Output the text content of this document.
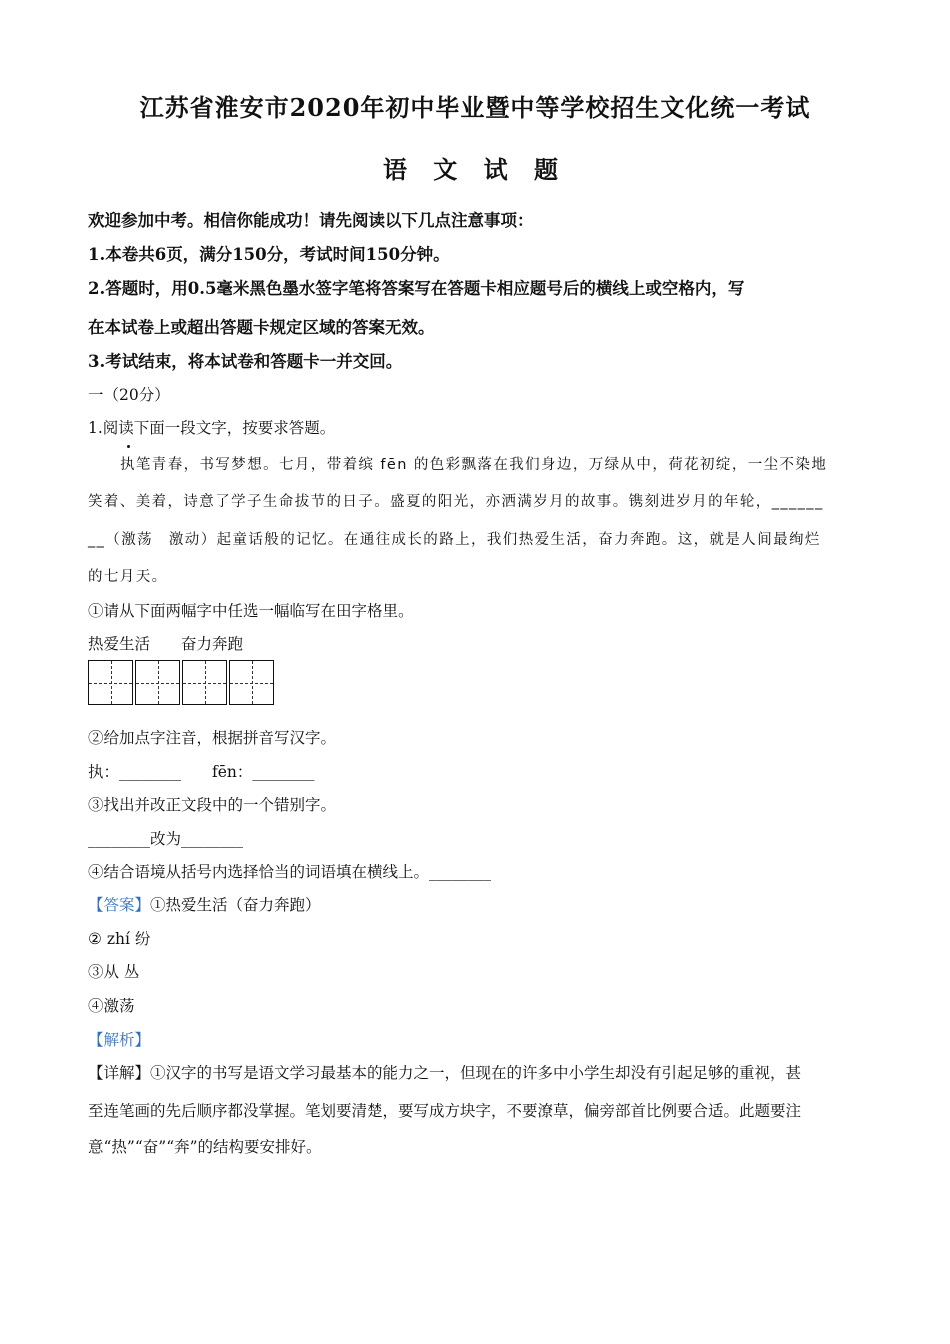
江苏省淮安市2020年初中毕业暨中等学校招生文化统一考试
语 文 试 题
欢迎参加中考。相信你能成功！请先阅读以下几点注意事项：
1.本卷共6页，满分150分，考试时间150分钟。
2.答题时，用0.5毫米黑色墨水签字笔将答案写在答题卡相应题号后的横线上或空格内，写
在本试卷上或超出答题卡规定区域的答案无效。
3.考试结束，将本试卷和答题卡一并交回。
一（20分）
1.阅读下面一段文字，按要求答题。
执笔青春，书写梦想。七月，带着缤 fēn 的色彩飘落在我们身边，万绿从中，荷花初绽，一尘不染地
笑着、美着，诗意了学子生命拔节的日子。盛夏的阳光，亦洒满岁月的故事。镌刻进岁月的年轮，______
__（激荡　激动）起童话般的记忆。在通往成长的路上，我们热爱生活，奋力奔跑。这，就是人间最绚烂
的七月天。
①请从下面两幅字中任选一幅临写在田字格里。
热爱生活　　奋力奔跑
②给加点字注音，根据拼音写汉字。
执：________　　fēn：________
③找出并改正文段中的一个错别字。
________改为________
④结合语境从括号内选择恰当的词语填在横线上。________
【答案】①热爱生活（奋力奔跑）
② zhí 纷
③从 丛
④激荡
【解析】
【详解】①汉字的书写是语文学习最基本的能力之一，但现在的许多中小学生却没有引起足够的重视，甚
至连笔画的先后顺序都没掌握。笔划要清楚，要写成方块字，不要潦草，偏旁部首比例要合适。此题要注
意“热”“奋”“奔”的结构要安排好。
